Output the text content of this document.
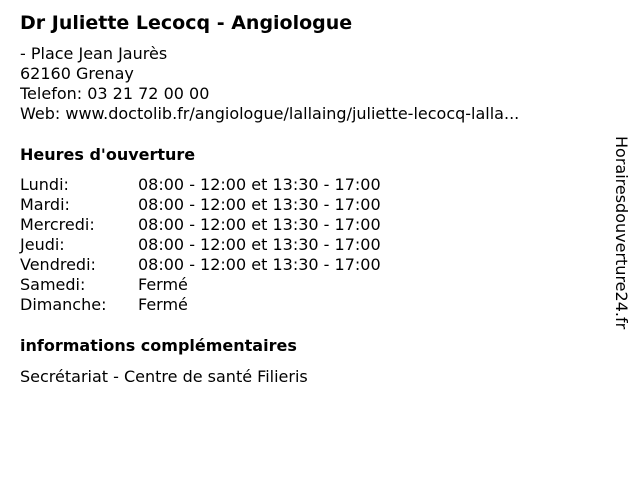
Dr Juliette Lecocq - Angiologue
- Place Jean Jaurès
62160 Grenay
Telefon: 03 21 72 00 00
Web: www.doctolib.fr/angiologue/lallaing/juliette-lecocq-lalla...
Heures d'ouverture
Lundi:	08:00 - 12:00 et 13:30 - 17:00
Mardi:	08:00 - 12:00 et 13:30 - 17:00
Mercredi:	08:00 - 12:00 et 13:30 - 17:00
Jeudi:	08:00 - 12:00 et 13:30 - 17:00
Vendredi:	08:00 - 12:00 et 13:30 - 17:00
Samedi:	Fermé
Dimanche:	Fermé
informations complémentaires
Secrétariat - Centre de santé Filieris
Horairesdouverture24.fr
